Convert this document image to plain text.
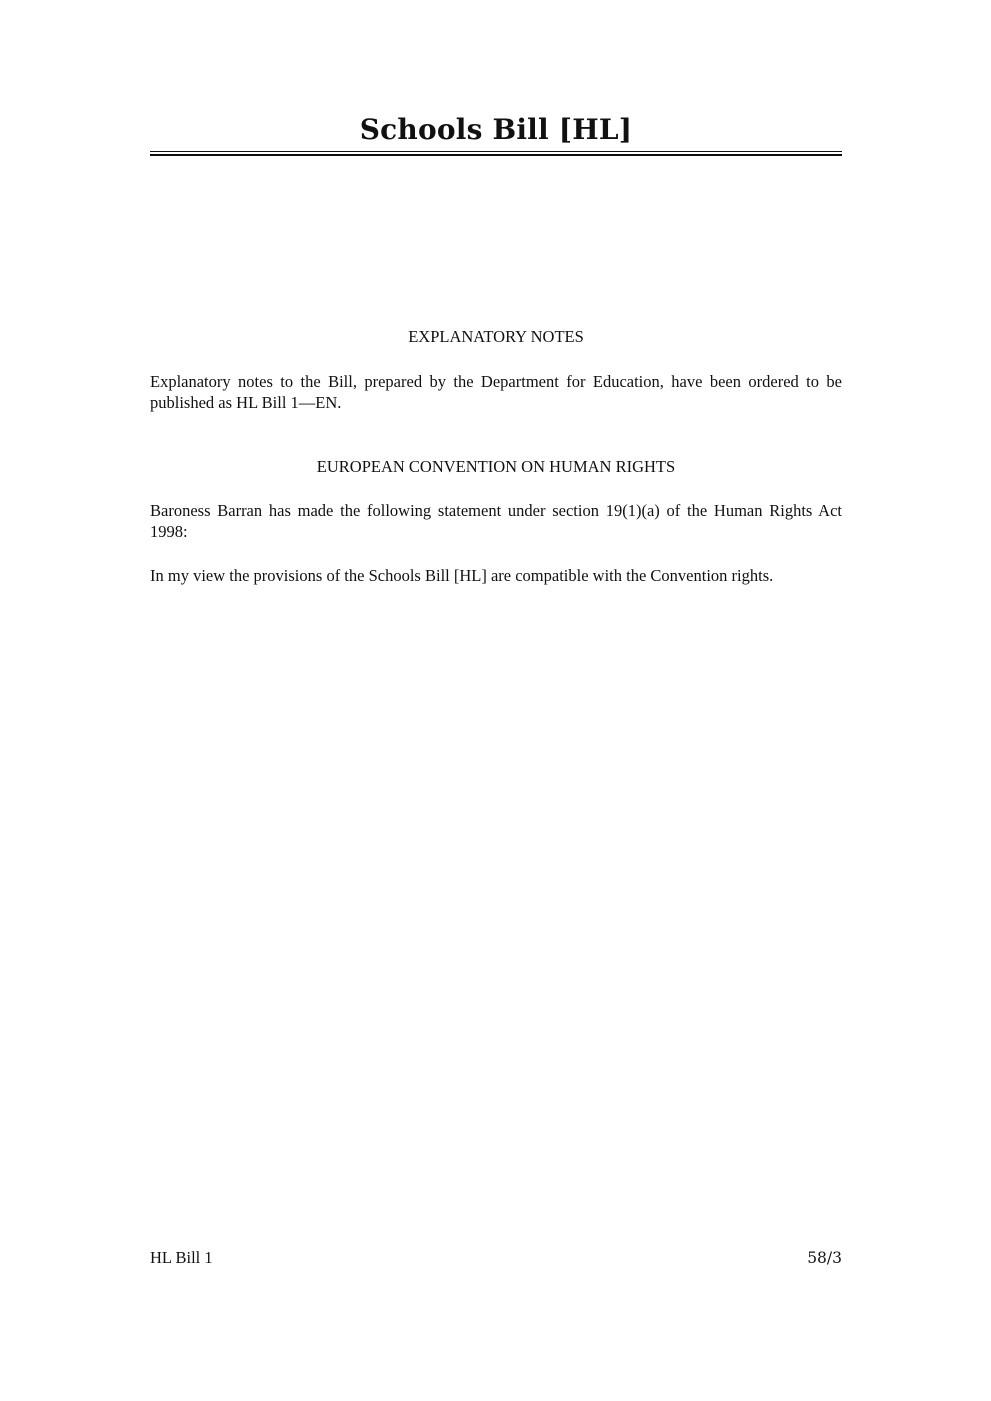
Schools Bill [HL]
EXPLANATORY NOTES
Explanatory notes to the Bill, prepared by the Department for Education, have been ordered to be published as HL Bill 1—EN.
EUROPEAN CONVENTION ON HUMAN RIGHTS
Baroness Barran has made the following statement under section 19(1)(a) of the Human Rights Act 1998:
In my view the provisions of the Schools Bill [HL] are compatible with the Convention rights.
HL Bill 1	58/3
